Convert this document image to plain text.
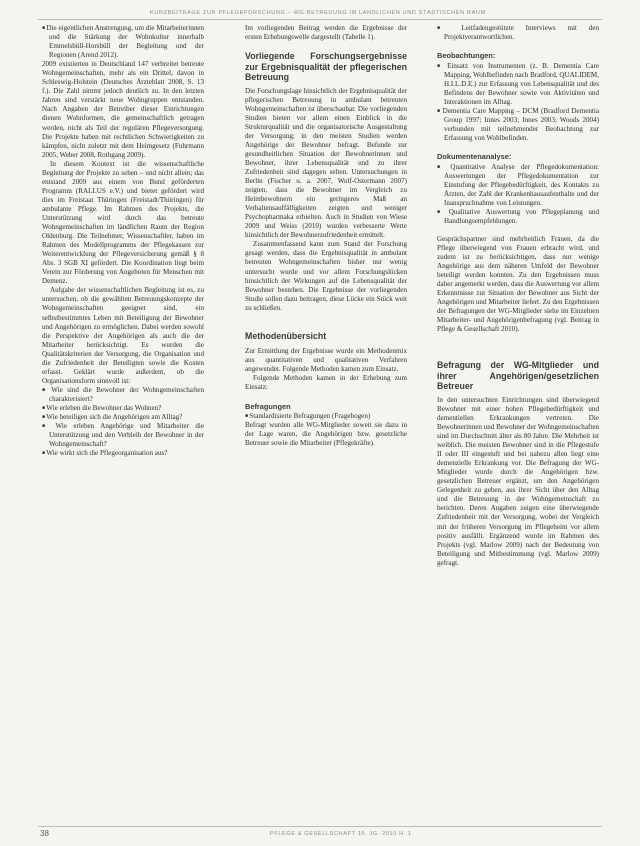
KURZBEITRÄGE ZUR PFLEGEFORSCHUNG – WG-BETREUUNG IM LÄNDLICHEN UND STÄDTISCHEN RAUM
■ Die eigentlichen Anstrengung, um die Mitarbeiterinnen und die Stärkung der Wohnkultur innerhalb Emmelsbüll-Horsbüll der Begleitung und der Regionen (Arend 2012).

2009 existierten in Deutschland 147 verbreitet betreute Wohngemeinschaften, mehr als ein Drittel, davon in Schleswig-Holstein (Deutsches Ärzteblatt 2008, S. 13 f.). Die Zahl nimmt jedoch deutlich zu. In den letzten Jahren sind verstärkt neue Wohngruppen entstanden. Nach Angaben der Betreiber dieser Einrichtungen dienen Wohnformen, die gemeinschaftlich getragen werden, nicht als Teil der regulären Pflegeversorgung. Die Projekte haben mit rechtlichen Schwierigkeiten zu kämpfen, nicht zuletzt mit dem Heimgesetz (Fuhrmann 2005, Weber 2008, Rothgang 2009).

In diesem Kontext ist die wissenschaftliche Begleitung der Projekte zu sehen – und nicht allein; das entstand 2009 aus einem von Bund geförderten Programm (RALLUS e.V.) und bietet gefördert wird dies im Freistaat Thüringen (Freistadt/Thüringen) für ambulante Pflege. Im Rahmen des Projekts, die Unterstützung wird durch das betreute Wohngemeinschaften im ländlichen Raum der Region Oldenburg. Die Teilnehmer, Wissenschaftler, haben im Rahmen des Modellprogramms der Pflegekassen zur Weiterentwicklung der Pflegeversicherung gemäß § 8 Abs. 3 SGB XI gefördert. Die Koordination liegt beim Verein zur Förderung von Angeboten für Menschen mit Demenz.

Aufgabe der wissenschaftlichen Begleitung ist es, zu untersuchen, ob die gewählten Betreuungskonzepte der Wohngemeinschaften geeignet sind, ein selbstbestimmtes Leben mit Beteiligung der Bewohner und Angehörigen zu ermöglichen. Dabei werden sowohl die Perspektive der Angehörigen als auch die der Mitarbeiter berücksichtigt. Es wurden die Qualitätskriterien der Versorgung, die Organisation und die Zufriedenheit der Beteiligten sowie die Kosten erfasst. Geklärt wurde außerdem, ob die Organisationsform sinnvoll ist:

■ Wie sind die Bewohner der Wohngemeinschaften charakterisiert?
■ Wie erleben die Bewohner das Wohnen?
■ Wie beteiligen sich die Angehörigen am Alltag?
■ Wie erleben Angehörige und Mitarbeiter die Unterstützung und den Verbleib der Bewohner in der Wohngemeinschaft?
■ Wie wirkt sich die Pflegeorganisation aus?

Im vorliegenden Beitrag werden die Ergebnisse der ersten Erhebungswelle dargestellt (Tabelle 1).

Vorliegende Forschungsergebnisse zur Ergebnisqualität der pflegerischen Betreuung

Die Forschungslage hinsichtlich der Ergebnisqualität der pflegerischen Betreuung in ambulant betreuten Wohngemeinschaften ist überschaubar. Die vorliegenden Studien bieten vor allem einen Einblick in die Strukturqualität und die organisatorische Ausgestaltung der Versorgung; in den meisten Studien werden Angehörige der Bewohner befragt. Befunde zur gesundheitlichen Situation der Bewohnerinnen und Bewohner, ihrer Lebensqualität und zu ihrer Zufriedenheit sind dagegen selten. Untersuchungen in Berlin (Fischer u. a. 2007, Wolf-Ostermann 2007) zeigten, dass die Bewohner im Vergleich zu Heimbewohnern ein geringeres Maß an Verhaltensauffälligkeiten zeigten und weniger Psychopharmaka erhielten. Auch in Studien von Wiese 2009 und Weiss (2010) wurden verbesserte Werte hinsichtlich der Bewohnerzufriedenheit ermittelt.

Zusammenfassend kann zum Stand der Forschung gesagt werden, dass die Ergebnisqualität in ambulant betreuten Wohngemeinschaften bisher nur wenig untersucht wurde und vor allem Forschungslücken hinsichtlich der Wirkungen auf die Lebensqualität der Bewohner bestehen. Die Ergebnisse der vorliegenden Studie sollen dazu beitragen, diese Lücke ein Stück weit zu schließen.

Methodenübersicht

Zur Ermittlung der Ergebnisse wurde ein Methodenmix aus quantitativen und qualitativen Verfahren angewendet. Folgende Methoden kamen zum Einsatz.

Folgende Methoden kamen in der Erhebung zum Einsatz:

Befragungen
■ Standardisierte Befragungen (Fragebogen)

Befragt wurden alle WG-Mitglieder soweit sie dazu in der Lage waren, die Angehörigen bzw. gesetzliche Betreuer sowie die Mitarbeiter (Pflegekräfte).

■ Leitfadengestützte Interviews mit den Projektverantwortlichen.
Beobachtungen:
■ Einsatz von Instrumenten (z. B. Dementia Care Mapping, Wohlbefinden nach Bradford, QUALIDEM, H.I.L.D.E.) zur Erfassung von Lebensqualität und des Befindens der Bewohner sowie von Aktivitäten und Interaktionen im Alltag.
■ Dementia Care Mapping – DCM (Bradford Dementia Group 1997; Innes 2003; Innes 2003; Woods 2004) verbunden mit teilnehmender Beobachtung zur Erfassung von Wohlbefinden.
Dokumentenanalyse:
■ Quantitative Analyse der Pflegedokumentation: Auswertungen der Pflegedokumentation zur Einstufung der Pflegebedürftigkeit, des Kontakts zu Ärzten, der Zahl der Krankenhausaufenthalte und der Inanspruchnahme von Leistungen.
■ Qualitative Auswertung von Pflegeplanung und Handlungsempfehlungen.

Gesprächspartner sind mehrheitlich Frauen, da die Pflege überwiegend von Frauen erbracht wird, und zudem ist zu berücksichtigen, dass nur wenige Angehörige aus dem näheren Umfeld der Bewohner beteiligt werden konnten. Zu den Ergebnissen muss daher angemerkt werden, dass die Auswertung vor allem Erkenntnisse zur Situation der Bewohner aus Sicht der Angehörigen und Mitarbeiter liefert. Zu den Ergebnissen der Befragungen der WG-Mitglieder siehe im Einzelnen Mitarbeiter- und Angehörigenbefragung (vgl. Beitrag in Pflege & Gesellschaft 2010).

Befragung der WG-Mitglieder und ihrer Angehörigen/gesetzlichen Betreuer

In den untersuchten Einrichtungen sind überwiegend Bewohner mit einer hohen Pflegebedürftigkeit und dementiellen Erkrankungen vertreten. Die Bewohnerinnen und Bewohner der Wohngemeinschaften sind im Durchschnitt älter als 80 Jahre. Die Mehrheit ist weiblich. Die meisten Bewohner sind in die Pflegestufe II oder III eingestuft und bei nahezu allen liegt eine demenzielle Erkrankung vor. Die Befragung der WG-Mitglieder wurde durch die Angehörigen bzw. gesetzlichen Betreuer ergänzt, um den Angehörigen Gelegenheit zu geben, aus ihrer Sicht über den Alltag und die Betreuung in der Wohngemeinschaft zu berichten. Deren Angaben zeigen eine überwiegende Zufriedenheit mit der Versorgung, wobei der Vergleich mit der früheren Versorgung im Pflegeheim vor allem positiv ausfällt. Ergänzend wurde im Rahmen des Projekts (vgl. Marlow 2009) nach der Bedeutung von Beteiligung und Mitbestimmung (vgl. Marlow 2009) gefragt.

38	PFLEGE & GESELLSCHAFT 15. JG. 2010 H. 1
